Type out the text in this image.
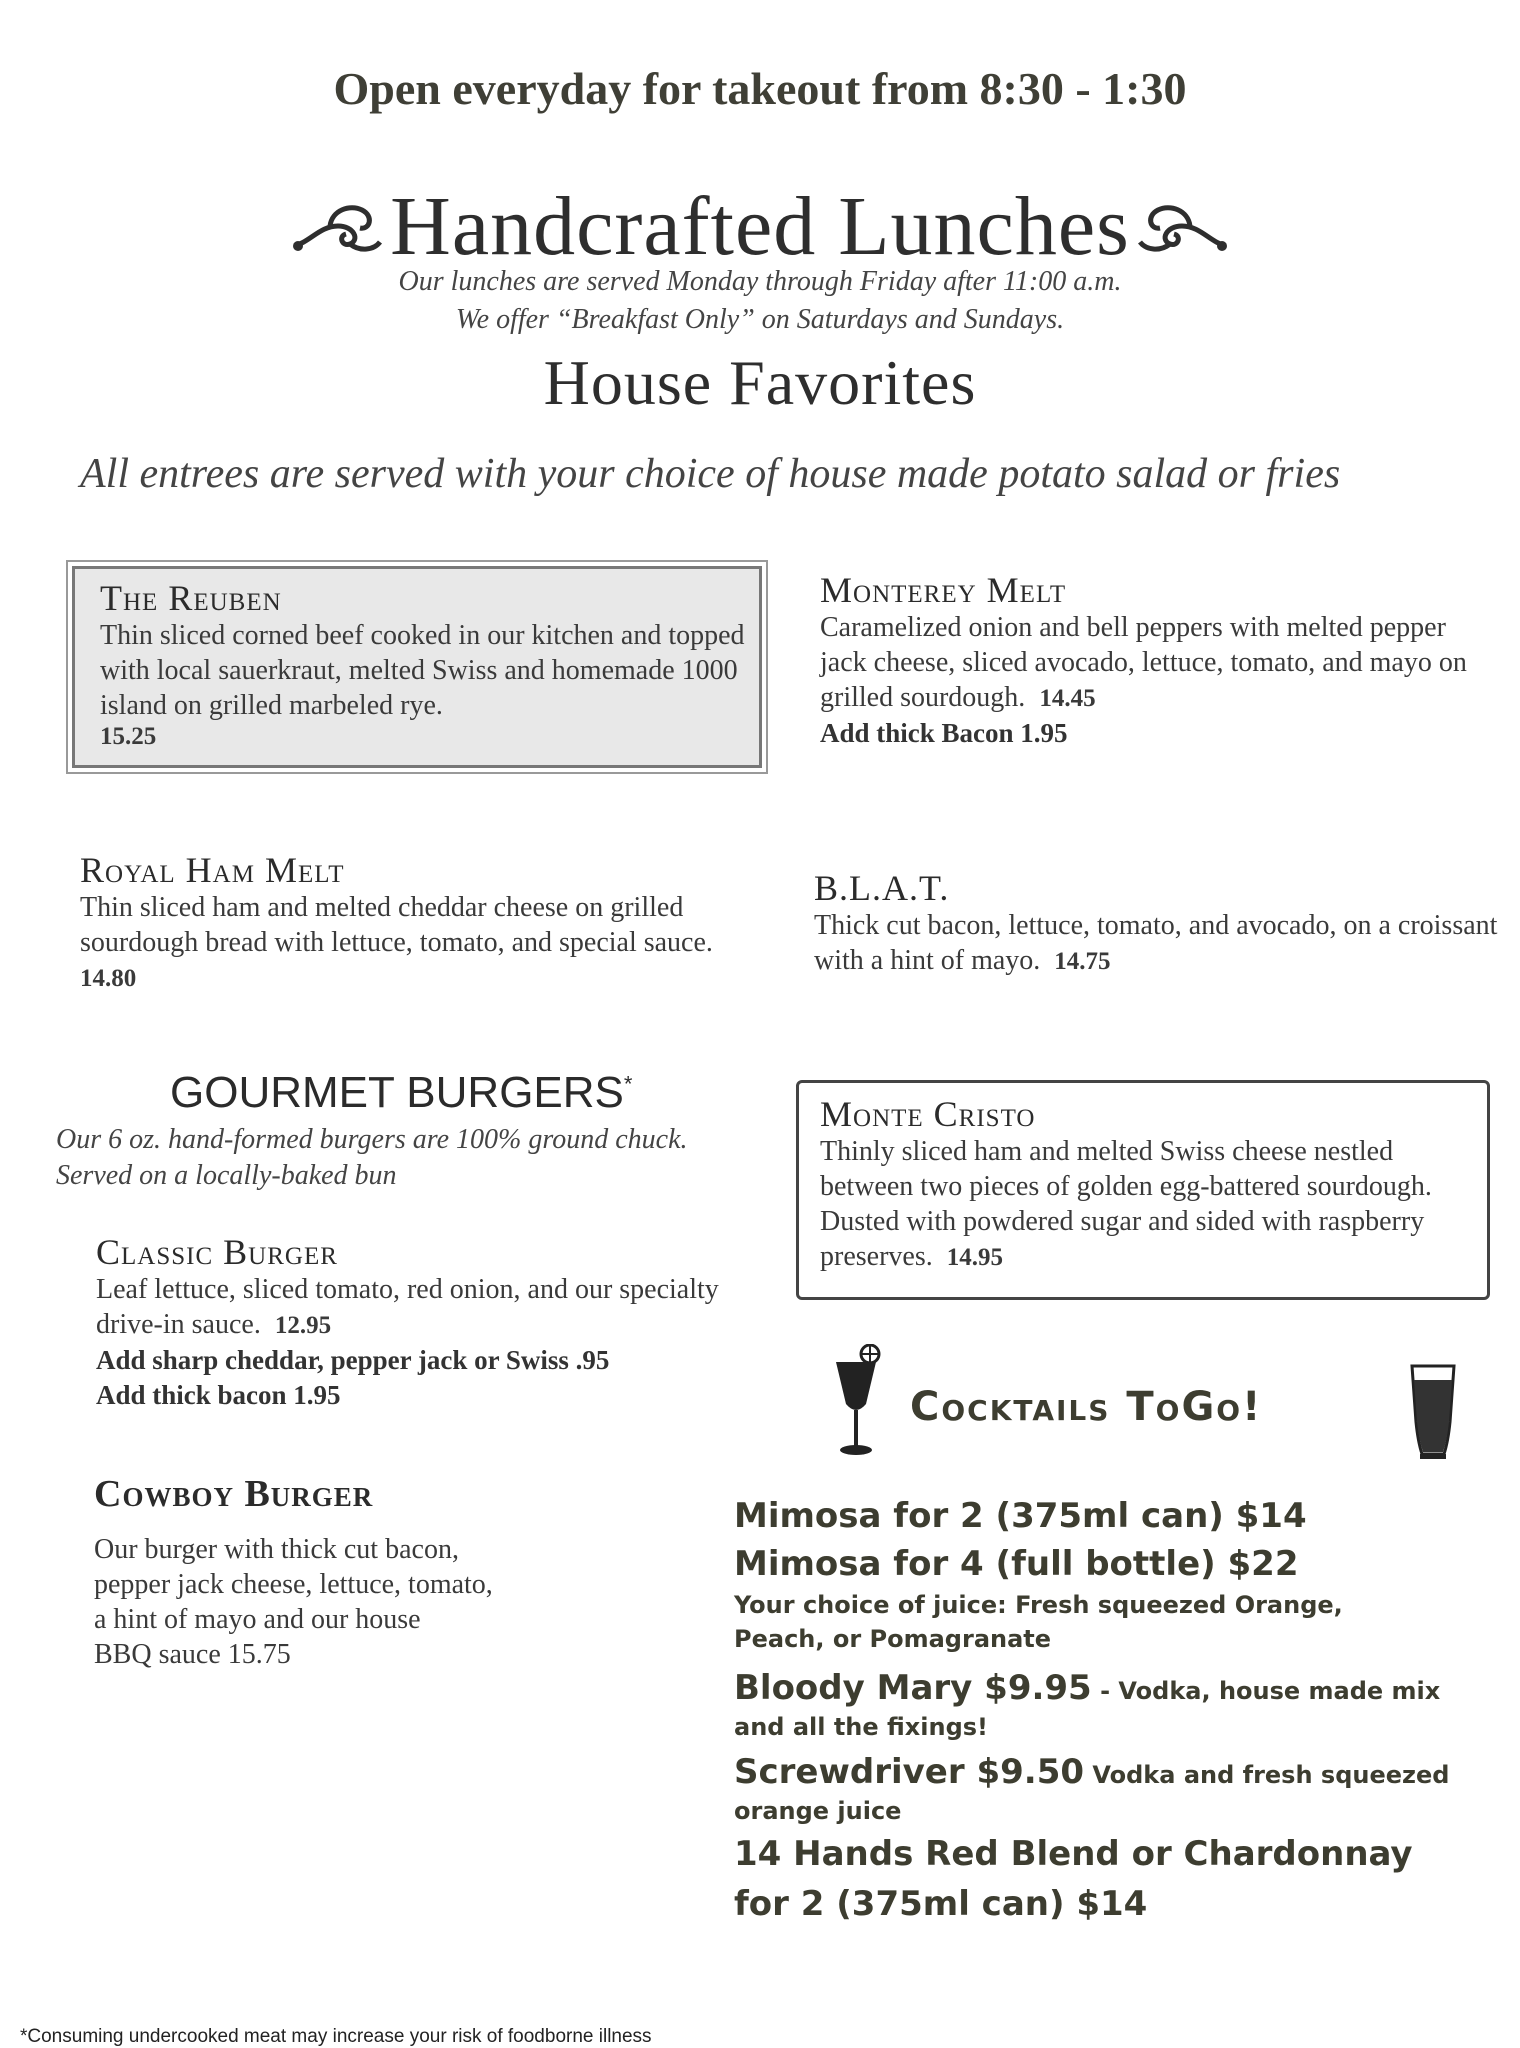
Open everyday for takeout from 8:30 - 1:30
Handcrafted Lunches
Our lunches are served Monday through Friday after 11:00 a.m.
We offer “Breakfast Only” on Saturdays and Sundays.
House Favorites
All entrees are served with your choice of house made potato salad or fries
The Reuben
Thin sliced corned beef cooked in our kitchen and topped with local sauerkraut, melted Swiss and homemade 1000 island on grilled marbeled rye.
15.25
Monterey Melt
Caramelized onion and bell peppers with melted pepper jack cheese, sliced avocado, lettuce, tomato, and mayo on grilled sourdough. 14.45
Add thick Bacon 1.95
Royal Ham Melt
Thin sliced ham and melted cheddar cheese on grilled sourdough bread with lettuce, tomato, and special sauce.  14.80
B.L.A.T.
Thick cut bacon, lettuce, tomato, and avocado, on a croissant with a hint of mayo. 14.75
GOURMET BURGERS*
Our 6 oz. hand-formed burgers are 100% ground chuck.
Served on a locally-baked bun
Classic Burger
Leaf lettuce, sliced tomato, red onion, and our specialty drive-in sauce. 12.95
Add sharp cheddar, pepper jack or Swiss .95
Add thick bacon 1.95
Cowboy Burger
Our burger with thick cut bacon,
pepper jack cheese, lettuce, tomato,
a hint of mayo and our house
BBQ sauce 15.75
Monte Cristo
Thinly sliced ham and melted Swiss cheese nestled between two pieces of golden egg-battered sourdough. Dusted with powdered sugar and sided with raspberry preserves. 14.95
Cocktails ToGo!
Mimosa for 2 (375ml can) $14
Mimosa for 4 (full bottle) $22
Your choice of juice: Fresh squeezed Orange,
Peach, or Pomagranate
Bloody Mary $9.95 - Vodka, house made mix
and all the fixings!
Screwdriver $9.50 Vodka and fresh squeezed
orange juice
14 Hands Red Blend or Chardonnay
for 2 (375ml can) $14
*Consuming undercooked meat may increase your risk of foodborne illness
